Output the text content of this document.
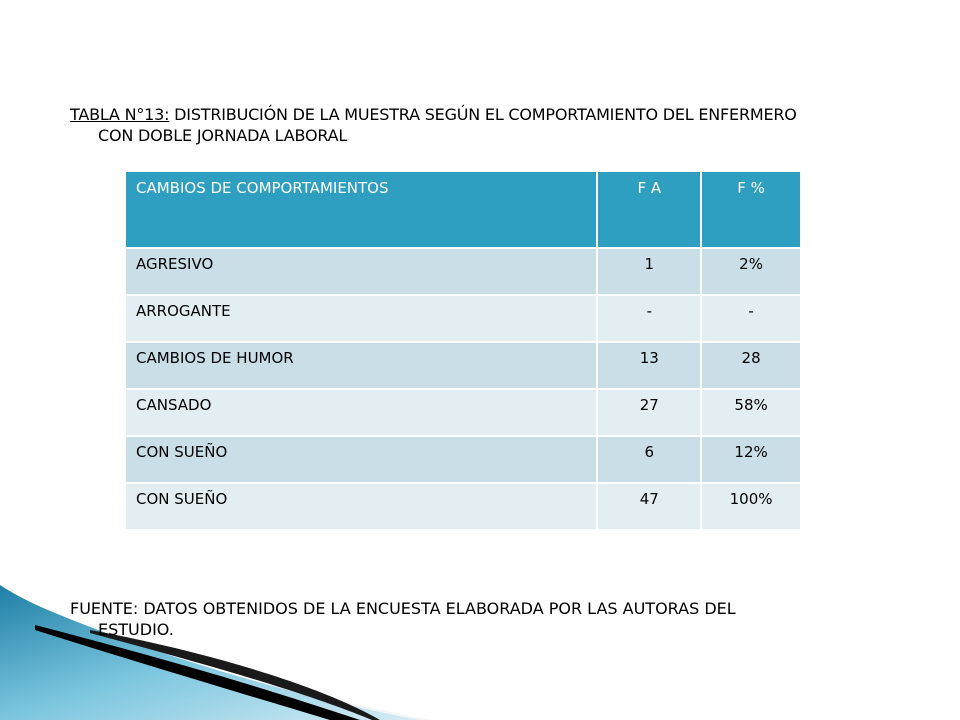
TABLA N°13: DISTRIBUCIÓN DE LA MUESTRA SEGÚN EL COMPORTAMIENTO DEL ENFERMERO
CON DOBLE JORNADA LABORAL
CAMBIOS DE COMPORTAMIENTOS	F A	F %
AGRESIVO	1	2%
ARROGANTE	-	-
CAMBIOS DE HUMOR	13	28
CANSADO	27	58%
CON SUEÑO	6	12%
CON SUEÑO	47	100%
FUENTE: DATOS OBTENIDOS DE LA ENCUESTA ELABORADA POR LAS AUTORAS DEL
ESTUDIO.
